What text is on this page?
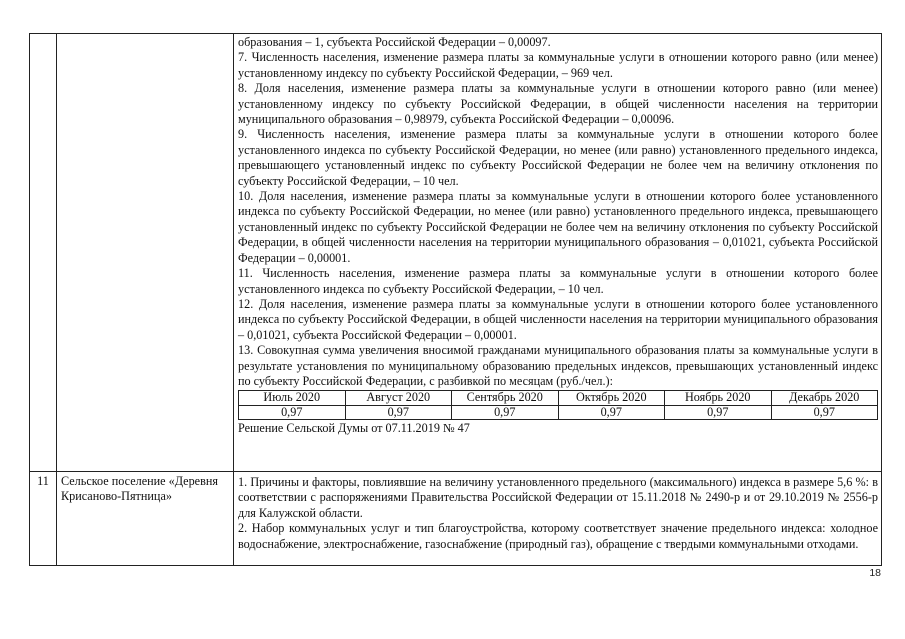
образования – 1, субъекта Российской Федерации – 0,00097.

7. Численность населения, изменение размера платы за коммунальные услуги в отношении которого равно (или менее) установленному индексу по субъекту Российской Федерации, – 969 чел.

8. Доля населения, изменение размера платы за коммунальные услуги в отношении которого равно (или менее) установленному индексу по субъекту Российской Федерации, в общей численности населения на территории муниципального образования – 0,98979, субъекта Российской Федерации – 0,00096.

9. Численность населения, изменение размера платы за коммунальные услуги в отношении которого более установленного индекса по субъекту Российской Федерации, но менее (или равно) установленного предельного индекса, превышающего установленный индекс по субъекту Российской Федерации не более чем на величину отклонения по субъекту Российской Федерации, – 10 чел.

10. Доля населения, изменение размера платы за коммунальные услуги в отношении которого более установленного индекса по субъекту Российской Федерации, но менее (или равно) установленного предельного индекса, превышающего установленный индекс по субъекту Российской Федерации не более чем на величину отклонения по субъекту Российской Федерации, в общей численности населения на территории муниципального образования – 0,01021, субъекта Российской Федерации – 0,00001.

11. Численность населения, изменение размера платы за коммунальные услуги в отношении которого более установленного индекса по субъекту Российской Федерации, – 10 чел.

12. Доля населения, изменение размера платы за коммунальные услуги в отношении которого более установленного индекса по субъекту Российской Федерации, в общей численности населения на территории муниципального образования – 0,01021, субъекта Российской Федерации – 0,00001.

13. Совокупная сумма увеличения вносимой гражданами муниципального образования платы за коммунальные услуги в результате установления по муниципальному образованию предельных индексов, превышающих установленный индекс по субъекту Российской Федерации, с разбивкой по месяцам (руб./чел.):

Июль 2020	Август 2020	Сентябрь 2020	Октябрь 2020	Ноябрь 2020	Декабрь 2020
0,97	0,97	0,97	0,97	0,97	0,97

Решение Сельской Думы от 07.11.2019 № 47

11	Сельское поселение «Деревня Крисаново-Пятница»

1. Причины и факторы, повлиявшие на величину установленного предельного (максимального) индекса в размере 5,6 %: в соответствии с распоряжениями Правительства Российской Федерации от 15.11.2018 № 2490-р и от 29.10.2019 № 2556-р для Калужской области.

2. Набор коммунальных услуг и тип благоустройства, которому соответствует значение предельного индекса: холодное водоснабжение, электроснабжение, газоснабжение (природный газ), обращение с твердыми коммунальными отходами.

18
